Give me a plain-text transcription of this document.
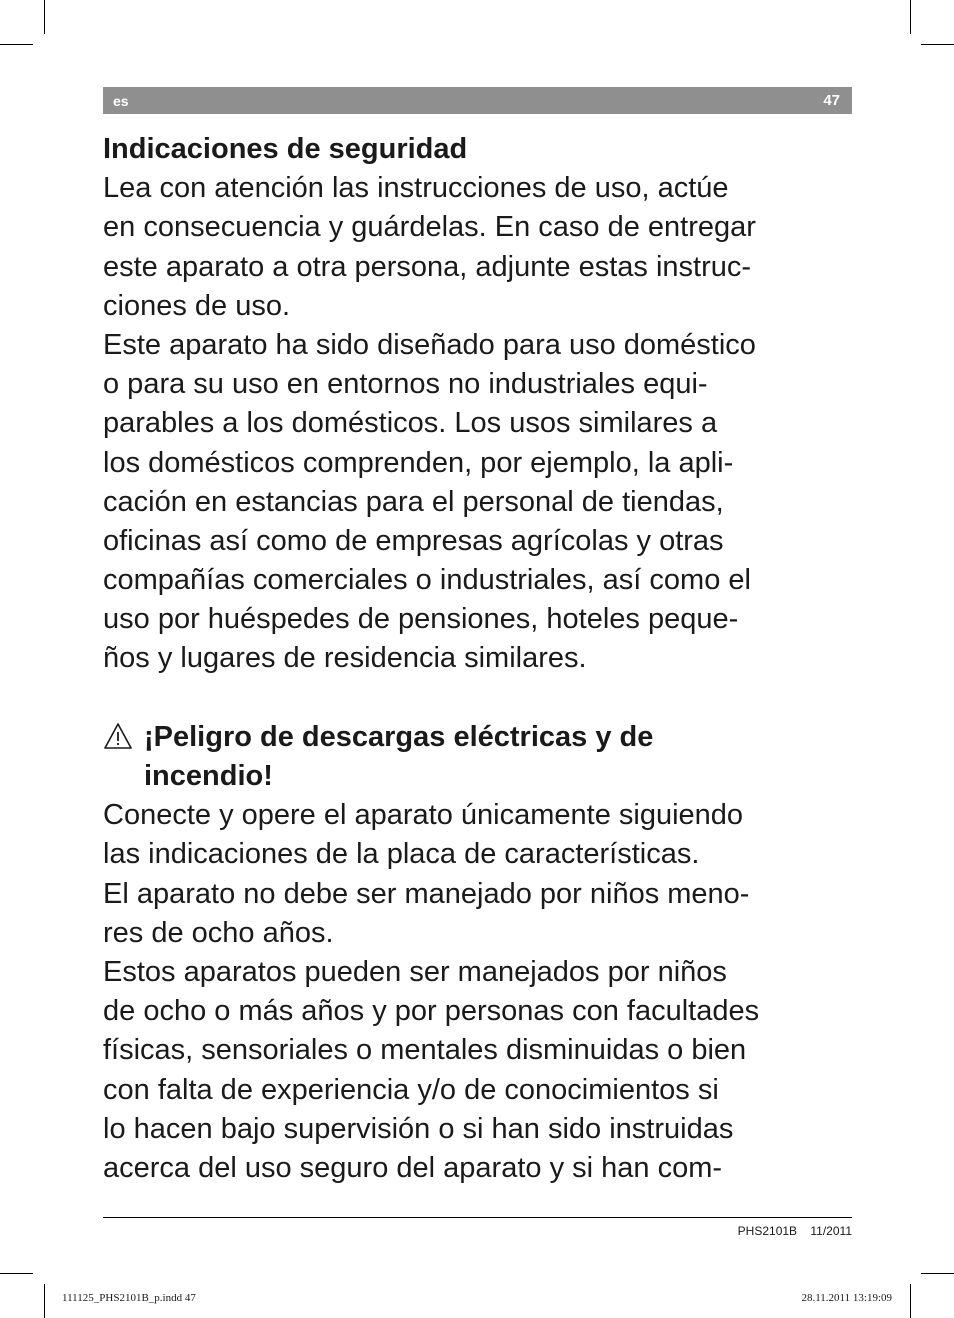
es	47
Indicaciones de seguridad
Lea con atención las instrucciones de uso, actúe
en consecuencia y guárdelas. En caso de entregar
este aparato a otra persona, adjunte estas instruc-
ciones de uso.
Este aparato ha sido diseñado para uso doméstico
o para su uso en entornos no industriales equi-
parables a los domésticos. Los usos similares a
los domésticos comprenden, por ejemplo, la apli-
cación en estancias para el personal de tiendas,
oficinas así como de empresas agrícolas y otras
compañías comerciales o industriales, así como el
uso por huéspedes de pensiones, hoteles peque-
ños y lugares de residencia similares.
¡Peligro de descargas eléctricas y de
incendio!
Conecte y opere el aparato únicamente siguiendo
las indicaciones de la placa de características.
El aparato no debe ser manejado por niños meno-
res de ocho años.
Estos aparatos pueden ser manejados por niños
de ocho o más años y por personas con facultades
físicas, sensoriales o mentales disminuidas o bien
con falta de experiencia y/o de conocimientos si
lo hacen bajo supervisión o si han sido instruidas
acerca del uso seguro del aparato y si han com-
PHS2101B 11/2011
111125_PHS2101B_p.indd 47	28.11.2011 13:19:09
